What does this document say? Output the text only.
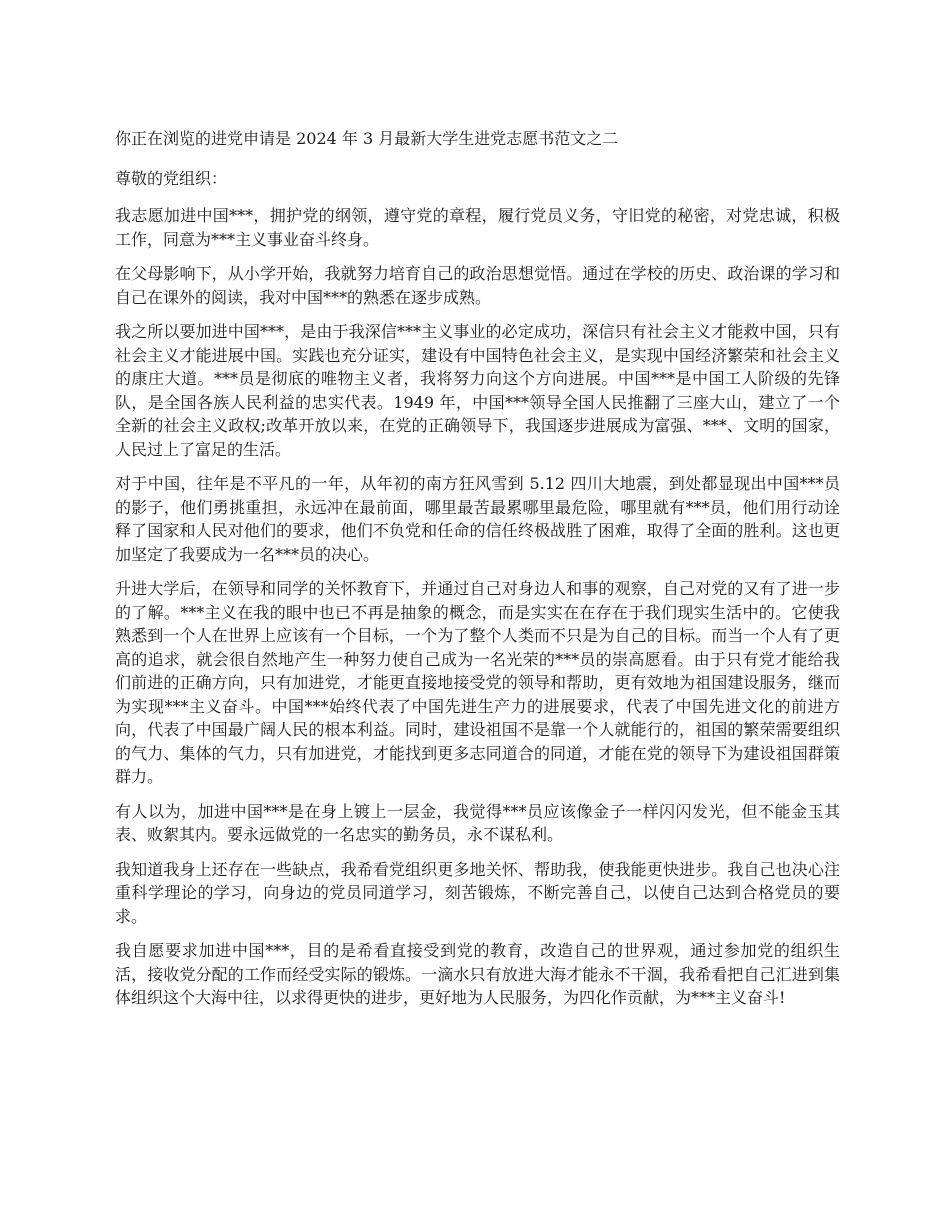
你正在浏览的进党申请是 2024 年 3 月最新大学生进党志愿书范文之二

尊敬的党组织：

我志愿加进中国***，拥护党的纲领，遵守党的章程，履行党员义务，守旧党的秘密，对党忠诚，积极工作，同意为***主义事业奋斗终身。

在父母影响下，从小学开始，我就努力培育自己的政治思想觉悟。通过在学校的历史、政治课的学习和自己在课外的阅读，我对中国***的熟悉在逐步成熟。

我之所以要加进中国***，是由于我深信***主义事业的必定成功，深信只有社会主义才能救中国，只有社会主义才能进展中国。实践也充分证实，建设有中国特色社会主义，是实现中国经济繁荣和社会主义的康庄大道。***员是彻底的唯物主义者，我将努力向这个方向进展。中国***是中国工人阶级的先锋队，是全国各族人民利益的忠实代表。1949 年，中国***领导全国人民推翻了三座大山，建立了一个全新的社会主义政权;改革开放以来，在党的正确领导下，我国逐步进展成为富强、***、文明的国家，人民过上了富足的生活。

对于中国，往年是不平凡的一年，从年初的南方狂风雪到 5.12 四川大地震，到处都显现出中国***员的影子，他们勇挑重担，永远冲在最前面，哪里最苦最累哪里最危险，哪里就有***员，他们用行动诠释了国家和人民对他们的要求，他们不负党和任命的信任终极战胜了困难，取得了全面的胜利。这也更加坚定了我要成为一名***员的决心。

升进大学后，在领导和同学的关怀教育下，并通过自己对身边人和事的观察，自己对党的又有了进一步的了解。***主义在我的眼中也已不再是抽象的概念，而是实实在在存在于我们现实生活中的。它使我熟悉到一个人在世界上应该有一个目标，一个为了整个人类而不只是为自己的目标。而当一个人有了更高的追求，就会很自然地产生一种努力使自己成为一名光荣的***员的崇高愿看。由于只有党才能给我们前进的正确方向，只有加进党，才能更直接地接受党的领导和帮助，更有效地为祖国建设服务，继而为实现***主义奋斗。中国***始终代表了中国先进生产力的进展要求，代表了中国先进文化的前进方向，代表了中国最广阔人民的根本利益。同时，建设祖国不是靠一个人就能行的，祖国的繁荣需要组织的气力、集体的气力，只有加进党，才能找到更多志同道合的同道，才能在党的领导下为建设祖国群策群力。

有人以为，加进中国***是在身上镀上一层金，我觉得***员应该像金子一样闪闪发光，但不能金玉其表、败絮其内。要永远做党的一名忠实的勤务员，永不谋私利。

我知道我身上还存在一些缺点，我希看党组织更多地关怀、帮助我，使我能更快进步。我自己也决心注重科学理论的学习，向身边的党员同道学习，刻苦锻炼，不断完善自己，以使自己达到合格党员的要求。

我自愿要求加进中国***，目的是希看直接受到党的教育，改造自己的世界观，通过参加党的组织生活，接收党分配的工作而经受实际的锻炼。一滴水只有放进大海才能永不干涸，我希看把自己汇进到集体组织这个大海中往，以求得更快的进步，更好地为人民服务，为四化作贡献，为***主义奋斗!
